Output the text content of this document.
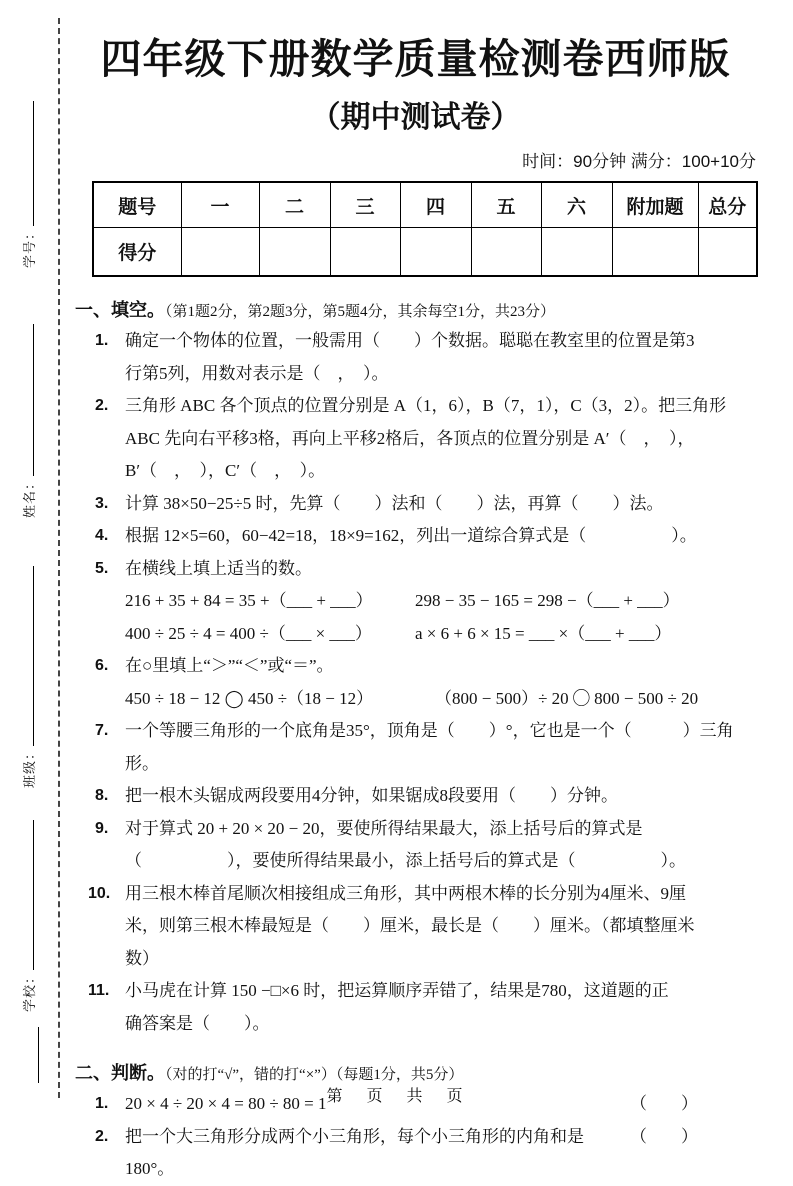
学号：
姓名：
班级：
学校：
四年级下册数学质量检测卷西师版
（期中测试卷）
时间：90分钟 满分：100+10分
题号	一	二	三	四	五	六	附加题	总分
得分								
一、填空。（第1题2分，第2题3分，第5题4分，其余每空1分，共23分）
1. 确定一个物体的位置，一般需用（　　）个数据。聪聪在教室里的位置是第3
行第5列，用数对表示是（　，　）。
2. 三角形 ABC 各个顶点的位置分别是 A（1，6），B（7，1），C（3，2）。把三角形
ABC 先向右平移3格，再向上平移2格后，各顶点的位置分别是 A′（　，　），
B′（　，　），C′（　，　）。
3. 计算 38×50−25÷5 时，先算（　　）法和（　　）法，再算（　　）法。
4. 根据 12×5=60，60−42=18，18×9=162，列出一道综合算式是（　　　　　）。
5. 在横线上填上适当的数。
216 + 35 + 84 = 35 +（___ + ___）	298 − 35 − 165 = 298 −（___ + ___）
400 ÷ 25 ÷ 4 = 400 ÷（___ × ___）	a × 6 + 6 × 15 = ___ ×（___ + ___）
6. 在○里填上“＞”“＜”或“＝”。
450 ÷ 18 − 12 ◯ 450 ÷（18 − 12）	（800 − 500）÷ 20 ◯ 800 − 500 ÷ 20
7. 一个等腰三角形的一个底角是35°，顶角是（　　）°，它也是一个（　　　）三角形。
8. 把一根木头锯成两段要用4分钟，如果锯成8段要用（　　）分钟。
9. 对于算式 20 + 20 × 20 − 20，要使所得结果最大，添上括号后的算式是
（　　　　　），要使所得结果最小，添上括号后的算式是（　　　　　）。
10. 用三根木棒首尾顺次相接组成三角形，其中两根木棒的长分别为4厘米、9厘
米，则第三根木棒最短是（　　）厘米，最长是（　　）厘米。（都填整厘米
数）
11. 小马虎在计算 150 −□×6 时，把运算顺序弄错了，结果是780，这道题的正
确答案是（　　）。
二、判断。（对的打“√”，错的打“×”）（每题1分，共5分）
1. 20 × 4 ÷ 20 × 4 = 80 ÷ 80 = 1	（　　）
2. 把一个大三角形分成两个小三角形，每个小三角形的内角和是180°。
（　　）
第　页　共　页
